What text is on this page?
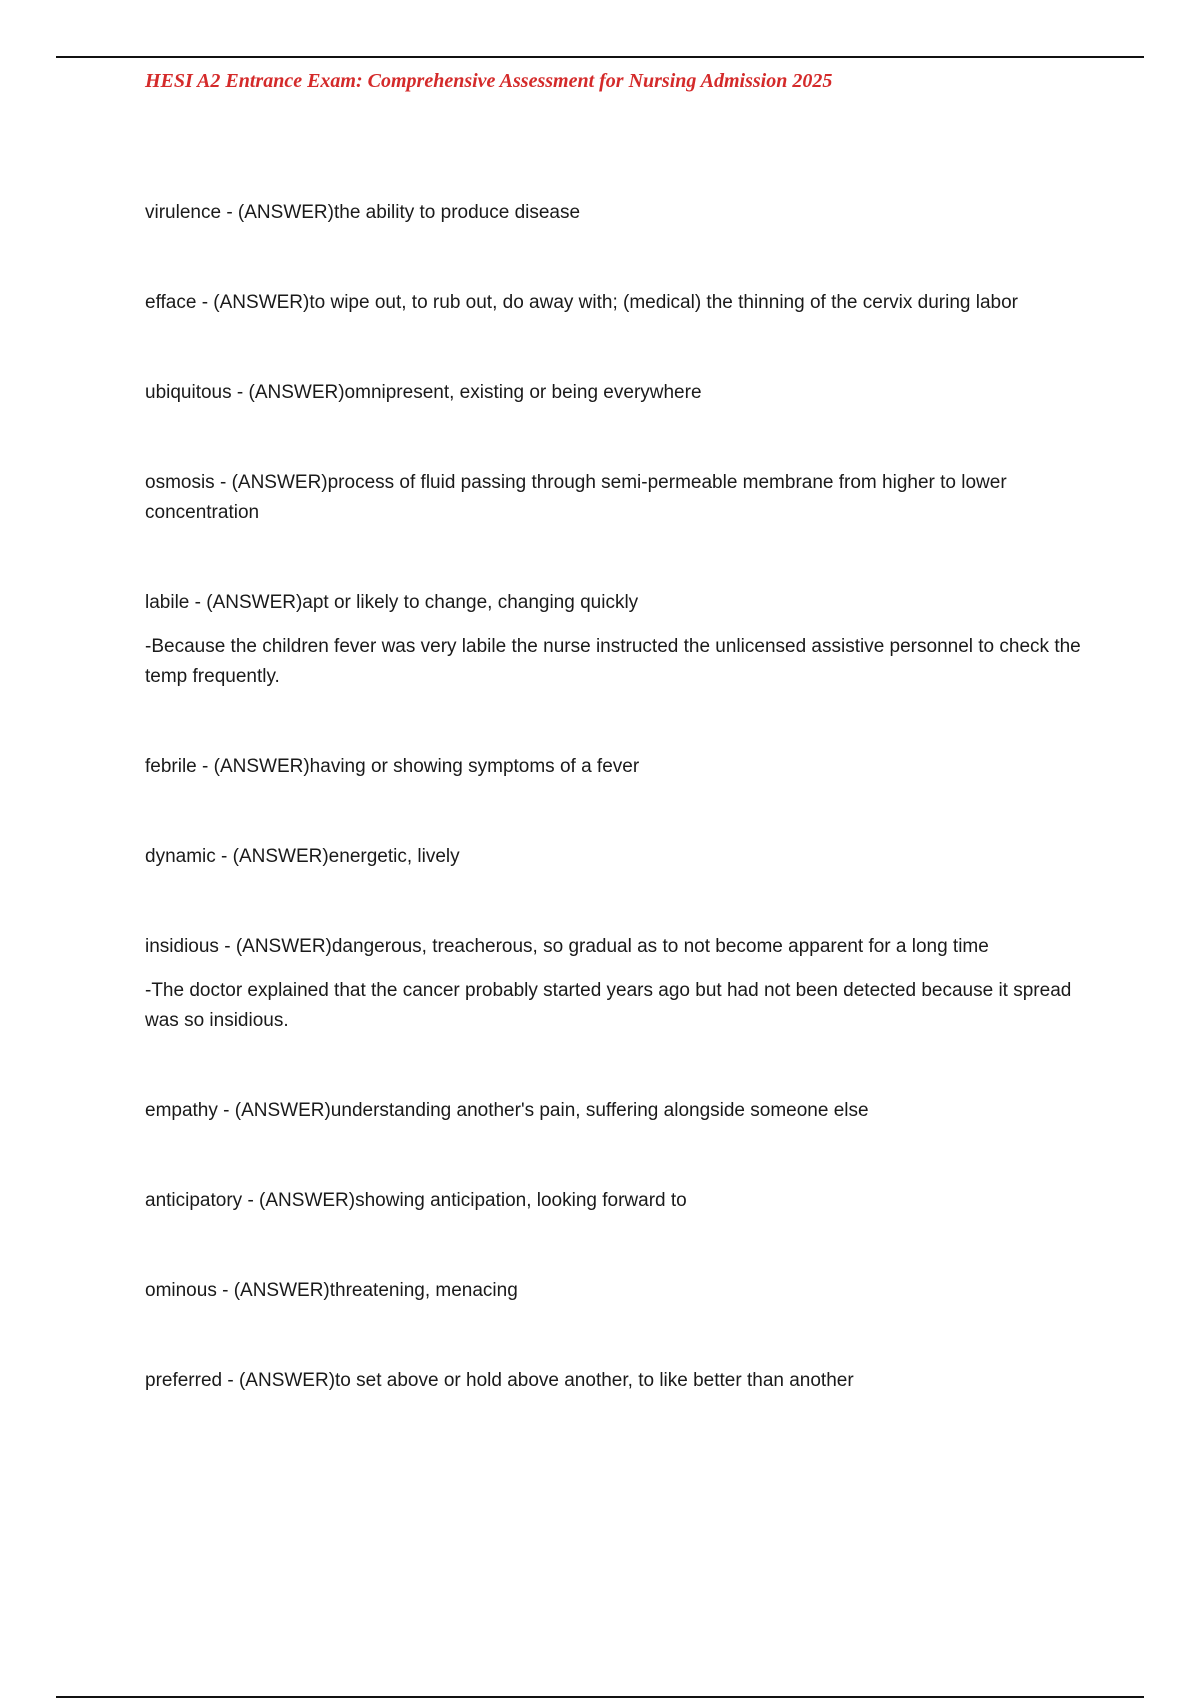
HESI A2 Entrance Exam: Comprehensive Assessment for Nursing Admission 2025

virulence - (ANSWER)the ability to produce disease

efface - (ANSWER)to wipe out, to rub out, do away with; (medical) the thinning of the cervix during labor

ubiquitous - (ANSWER)omnipresent, existing or being everywhere

osmosis - (ANSWER)process of fluid passing through semi-permeable membrane from higher to lower concentration

labile - (ANSWER)apt or likely to change, changing quickly

-Because the children fever was very labile the nurse instructed the unlicensed assistive personnel to check the temp frequently.

febrile - (ANSWER)having or showing symptoms of a fever

dynamic - (ANSWER)energetic, lively

insidious - (ANSWER)dangerous, treacherous, so gradual as to not become apparent for a long time

-The doctor explained that the cancer probably started years ago but had not been detected because it spread was so insidious.

empathy - (ANSWER)understanding another's pain, suffering alongside someone else

anticipatory - (ANSWER)showing anticipation, looking forward to

ominous - (ANSWER)threatening, menacing

preferred - (ANSWER)to set above or hold above another, to like better than another
